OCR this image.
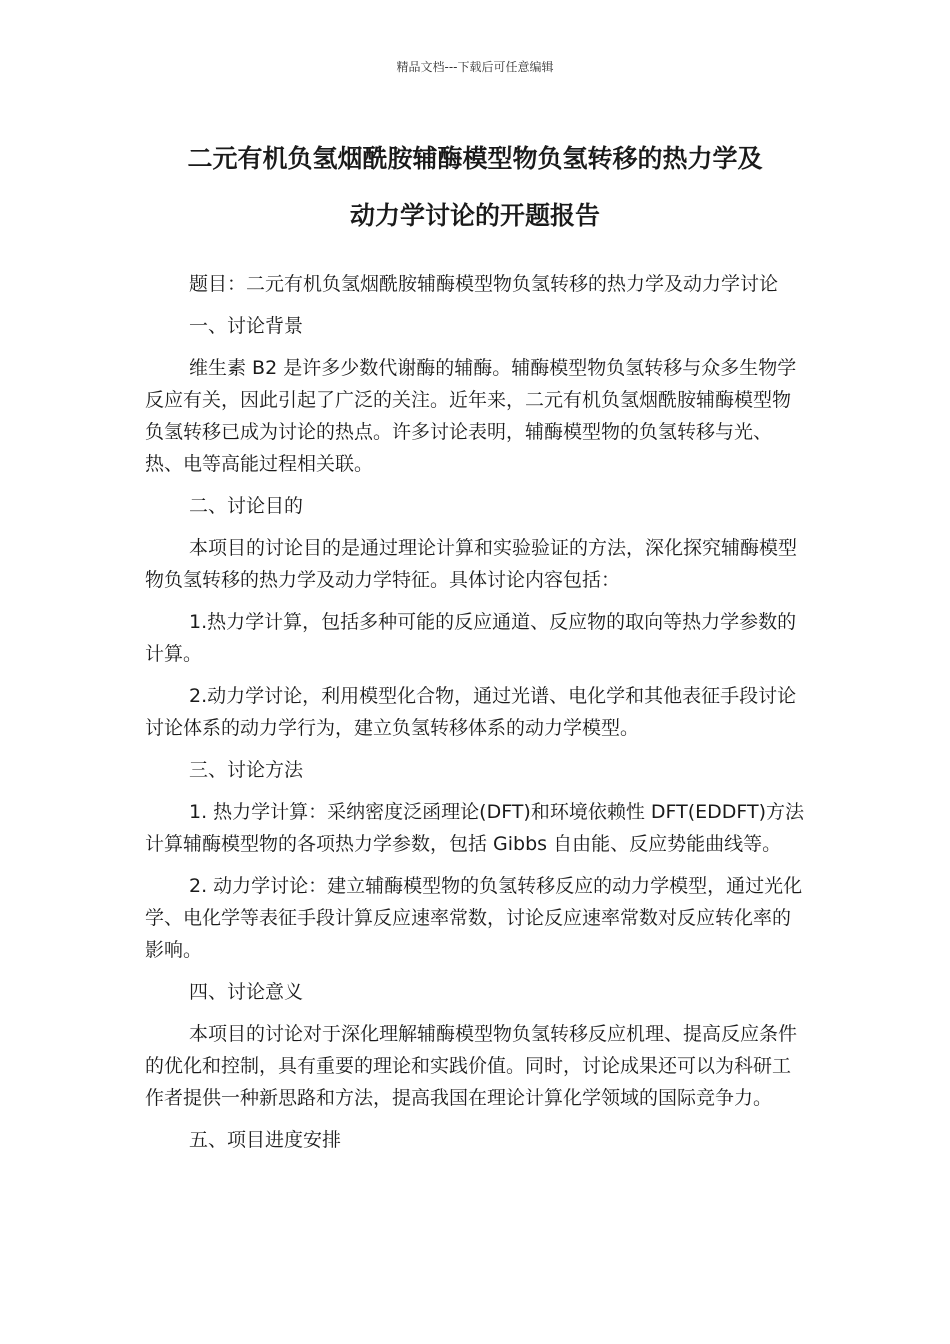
精品文档---下载后可任意编辑
二元有机负氢烟酰胺辅酶模型物负氢转移的热力学及
动力学讨论的开题报告

题目：二元有机负氢烟酰胺辅酶模型物负氢转移的热力学及动力学讨论

一、讨论背景

维生素 B2 是许多少数代谢酶的辅酶。辅酶模型物负氢转移与众多生物学反应有关，因此引起了广泛的关注。近年来，二元有机负氢烟酰胺辅酶模型物负氢转移已成为讨论的热点。许多讨论表明，辅酶模型物的负氢转移与光、热、电等高能过程相关联。

二、讨论目的

本项目的讨论目的是通过理论计算和实验验证的方法，深化探究辅酶模型物负氢转移的热力学及动力学特征。具体讨论内容包括：

1.热力学计算，包括多种可能的反应通道、反应物的取向等热力学参数的计算。

2.动力学讨论，利用模型化合物，通过光谱、电化学和其他表征手段讨论讨论体系的动力学行为，建立负氢转移体系的动力学模型。

三、讨论方法

1. 热力学计算：采纳密度泛函理论(DFT)和环境依赖性 DFT(EDDFT)方法计算辅酶模型物的各项热力学参数，包括 Gibbs 自由能、反应势能曲线等。

2. 动力学讨论：建立辅酶模型物的负氢转移反应的动力学模型，通过光化学、电化学等表征手段计算反应速率常数，讨论反应速率常数对反应转化率的影响。

四、讨论意义

本项目的讨论对于深化理解辅酶模型物负氢转移反应机理、提高反应条件的优化和控制，具有重要的理论和实践价值。同时，讨论成果还可以为科研工作者提供一种新思路和方法，提高我国在理论计算化学领域的国际竞争力。

五、项目进度安排
